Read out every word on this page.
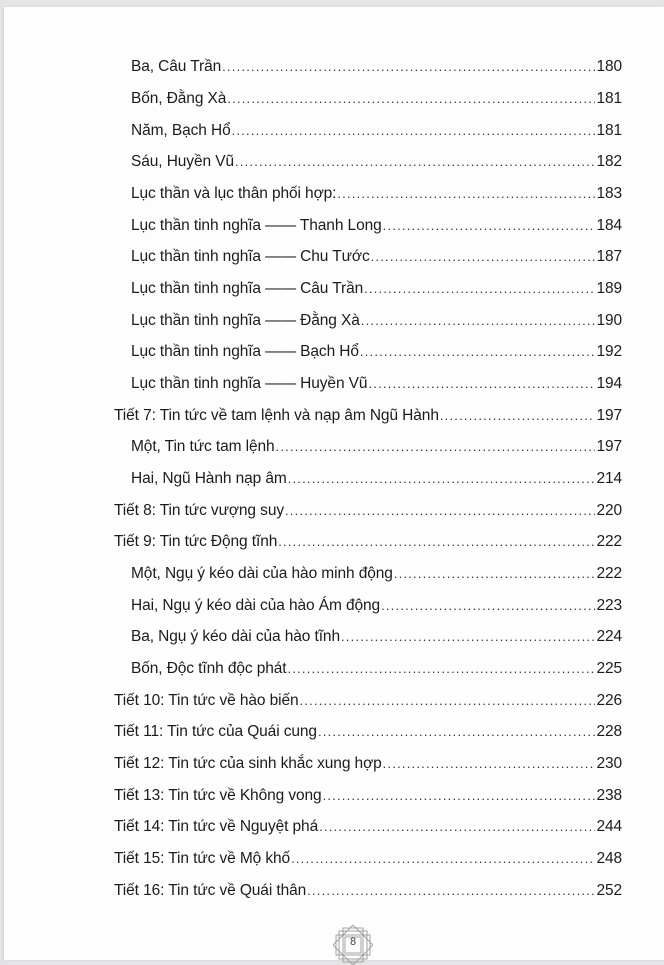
Ba, Câu Trần .....	180
Bốn, Đằng Xà .....	181
Năm, Bạch Hổ .....	181
Sáu, Huyền Vũ .....	182
Lục thần và lục thân phối hợp: .....	183
Lục thần tinh nghĩa —— Thanh Long .....	184
Lục thần tinh nghĩa —— Chu Tước .....	187
Lục thần tinh nghĩa —— Câu Trần .....	189
Lục thần tinh nghĩa —— Đằng Xà .....	190
Lục thần tinh nghĩa —— Bạch Hổ .....	192
Lục thần tinh nghĩa —— Huyền Vũ .....	194
Tiết 7: Tin tức về tam lệnh và nạp âm Ngũ Hành .....	197
Một, Tin tức tam lệnh .....	197
Hai, Ngũ Hành nạp âm .....	214
Tiết 8: Tin tức vượng suy .....	220
Tiết 9: Tin tức Động tĩnh .....	222
Một, Ngụ ý kéo dài của hào minh động .....	222
Hai, Ngụ ý kéo dài của hào Ám động .....	223
Ba, Ngụ ý kéo dài của hào tĩnh .....	224
Bốn, Độc tĩnh độc phát .....	225
Tiết 10: Tin tức về hào biến .....	226
Tiết 11: Tin tức của Quái cung .....	228
Tiết 12: Tin tức của sinh khắc xung hợp .....	230
Tiết 13: Tin tức về Không vong .....	238
Tiết 14: Tin tức về Nguyệt phá .....	244
Tiết 15: Tin tức về Mộ khố .....	248
Tiết 16: Tin tức về Quái thân .....	252
8
